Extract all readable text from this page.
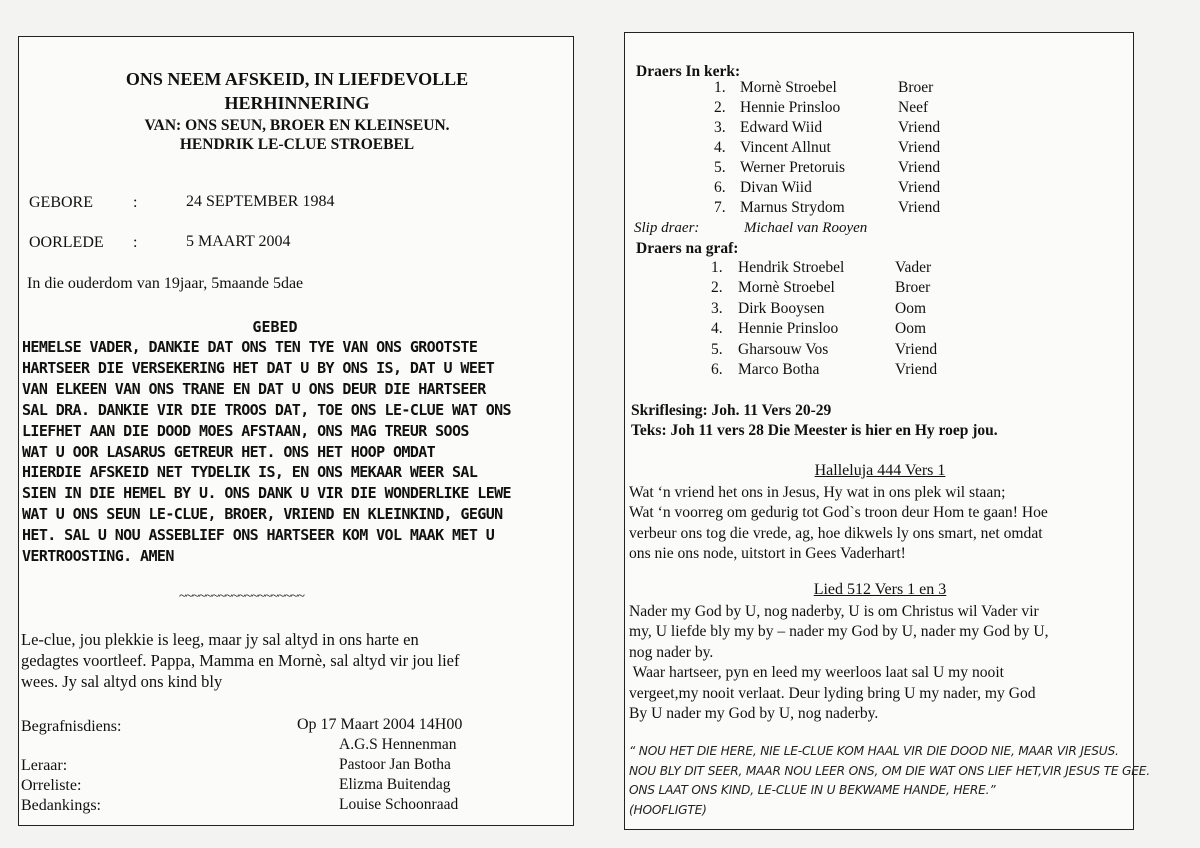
ONS NEEM AFSKEID, IN LIEFDEVOLLE
HERHINNERING
VAN: ONS SEUN, BROER EN KLEINSEUN.
HENDRIK LE-CLUE STROEBEL
GEBORE	:	24 SEPTEMBER 1984
OORLEDE :	5 MAART 2004
In die ouderdom van 19jaar, 5maande 5dae
GEBED
HEMELSE VADER, DANKIE DAT ONS TEN TYE VAN ONS GROOTSTE
HARTSEER DIE VERSEKERING HET DAT U BY ONS IS, DAT U WEET
VAN ELKEEN VAN ONS TRANE EN DAT U ONS DEUR DIE HARTSEER
SAL DRA. DANKIE VIR DIE TROOS DAT, TOE ONS LE-CLUE WAT ONS
LIEFHET AAN DIE DOOD MOES AFSTAAN, ONS MAG TREUR SOOS
WAT U OOR LASARUS GETREUR HET. ONS HET HOOP OMDAT
HIERDIE AFSKEID NET TYDELIK IS, EN ONS MEKAAR WEER SAL
SIEN IN DIE HEMEL BY U. ONS DANK U VIR DIE WONDERLIKE LEWE
WAT U ONS SEUN LE-CLUE, BROER, VRIEND EN KLEINKIND, GEGUN
HET. SAL U NOU ASSEBLIEF ONS HARTSEER KOM VOL MAAK MET U
VERTROOSTING. AMEN
~~~~~~~~~~~~~~~~~~~
Le-clue, jou plekkie is leeg, maar jy sal altyd in ons harte en
gedagtes voortleef. Pappa, Mamma en Mornè, sal altyd vir jou lief
wees. Jy sal altyd ons kind bly
Begrafnisdiens:	Op 17 Maart 2004 14H00
A.G.S Hennenman
Leraar:	Pastoor Jan Botha
Orreliste:	Elizma Buitendag
Bedankings:	Louise Schoonraad
Draers In kerk:
1. Mornè Stroebel	Broer
2. Hennie Prinsloo	Neef
3. Edward Wiid	Vriend
4. Vincent Allnut	Vriend
5. Werner Pretoruis	Vriend
6. Divan Wiid	Vriend
7. Marnus Strydom	Vriend
Slip draer:	Michael van Rooyen
Draers na graf:
1. Hendrik Stroebel	Vader
2. Mornè Stroebel	Broer
3. Dirk Booysen	Oom
4. Hennie Prinsloo	Oom
5. Gharsouw Vos	Vriend
6. Marco Botha	Vriend
Skriflesing: Joh. 11 Vers 20-29
Teks: Joh 11 vers 28 Die Meester is hier en Hy roep jou.
Halleluja 444 Vers 1
Wat ‘n vriend het ons in Jesus, Hy wat in ons plek wil staan;
Wat ‘n voorreg om gedurig tot God`s troon deur Hom te gaan! Hoe
verbeur ons tog die vrede, ag, hoe dikwels ly ons smart, net omdat
ons nie ons node, uitstort in Gees Vaderhart!
Lied 512 Vers 1 en 3
Nader my God by U, nog naderby, U is om Christus wil Vader vir
my, U liefde bly my by – nader my God by U, nader my God by U,
nog nader by.
Waar hartseer, pyn en leed my weerloos laat sal U my nooit
vergeet,my nooit verlaat. Deur lyding bring U my nader, my God
By U nader my God by U, nog naderby.
“ NOU HET DIE HERE, NIE LE-CLUE KOM HAAL VIR DIE DOOD NIE, MAAR VIR JESUS.
NOU BLY DIT SEER, MAAR NOU LEER ONS, OM DIE WAT ONS LIEF HET,VIR JESUS TE GEE.
ONS LAAT ONS KIND, LE-CLUE IN U BEKWAME HANDE, HERE.”
(HOOFLIGTE)
